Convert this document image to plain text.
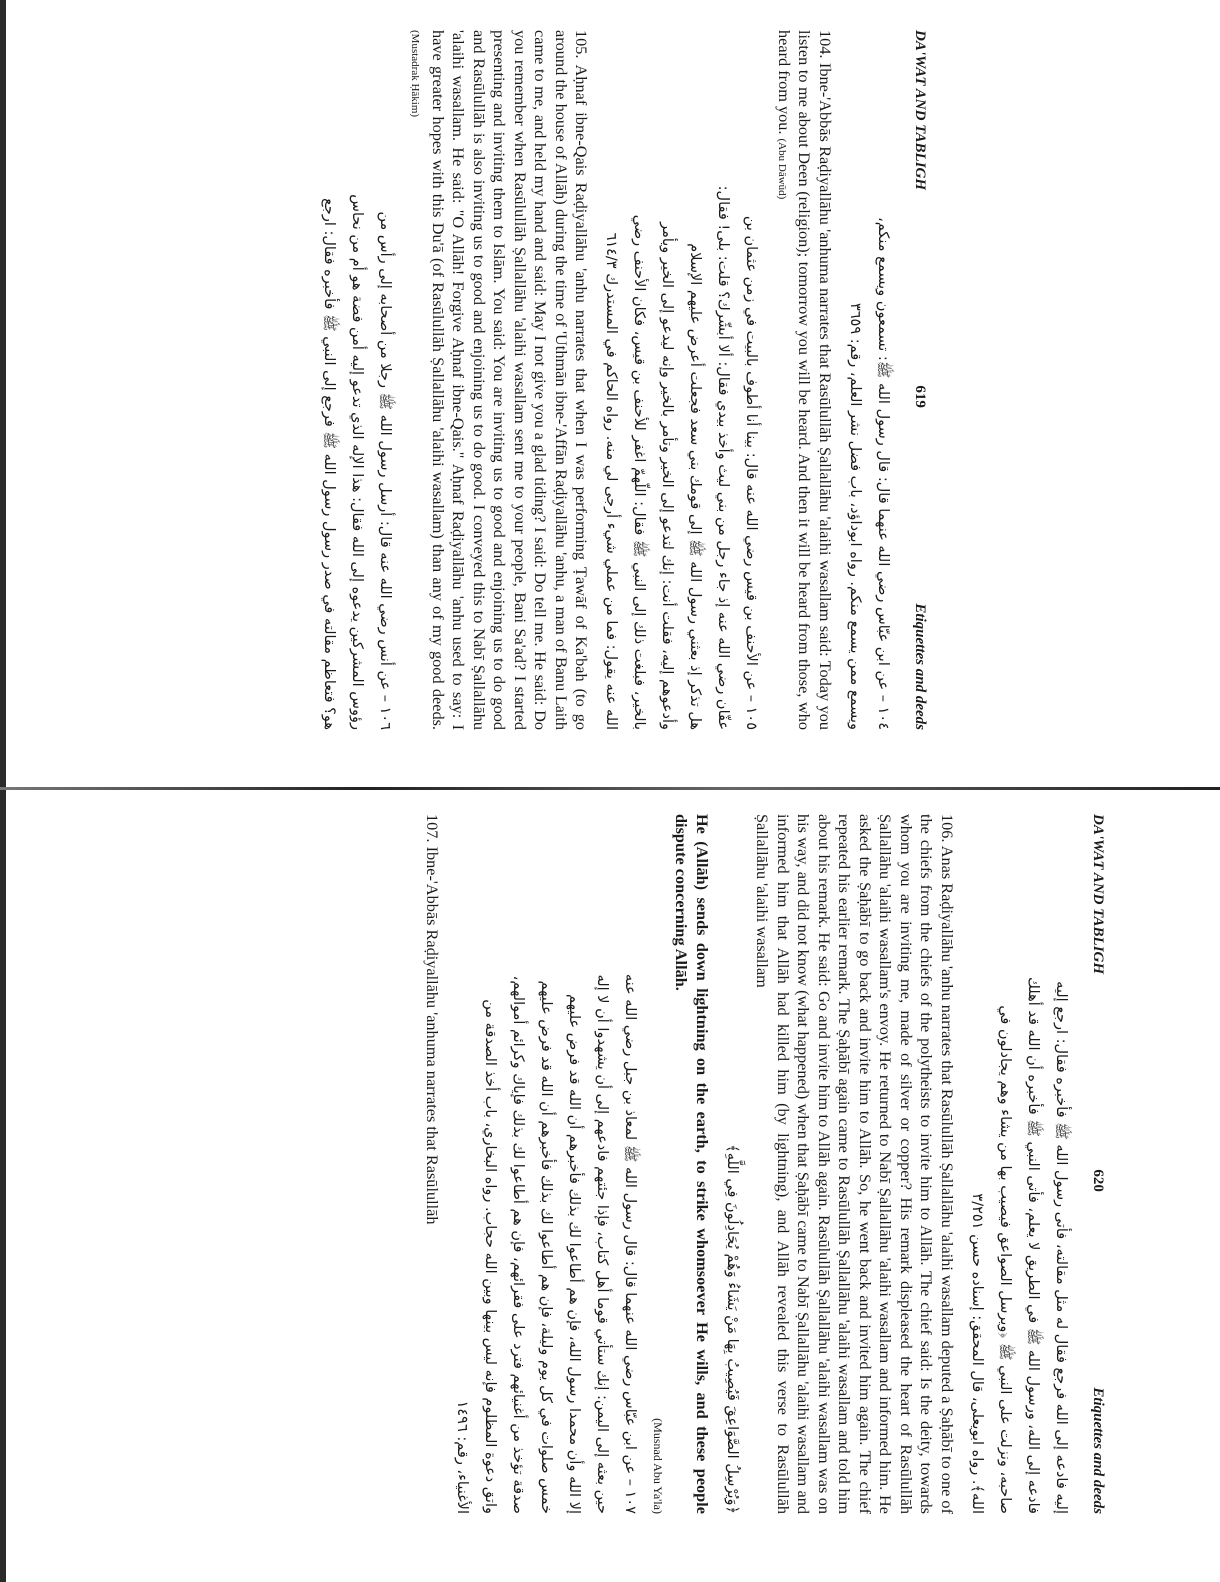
DA'WAT AND TABLIGH
619
Etiquettes and deeds

١٠٤ – عن ابن عبّاس رضي الله عنهما قال: قال رسول الله ﷺ: تسمعون ويسمع منكم،
ويسمع ممن يسمع منكم. رواه ابوداؤد، باب فضل نشر العلم، رقم: ٣٦٥٩

104. Ibne-'Abbās Raḍiyallāhu 'anhuma narrates that Rasūlullāh Ṣallallāhu 'alaihi wasallam said: Today you listen to me about Deen (religion); tomorrow you will be heard. And then it will be heard from those, who heard from you. (Abu Dāwūd)

١٠٥ – عن الأحنف بن قيس رضي الله عنه قال: بينا أنا أطوف بالبيت في زمن عثمان بن
عفّان رضي الله عنه إذ جاء رجل من بني ليث وأخذ بيدي فقال: ألا أبشّرك؟ قلت: بلى! فقال:
هل تذكر إذ بعثني رسول الله ﷺ إلى قومك بني سعد فجعلت أعرض عليهم الإسلام
وأدعوهم إليه، فقلت أنت: إنك لتدعو إلى الخير وتأمر بالخير وإنه ليدعو إلى الخير ويأمر
بالخير، فبلغت ذلك إلى النبي ﷺ فقال: اللّهمّ اغفر للأحنف بن قيس، فكان الأحنف رضي
الله عنه يقول: فما من عملي شيء أرجى لي منه. رواه الحاكم في المستدرك ٦١٤/٣

105. Aḥnaf ibne-Qais Raḍiyallāhu 'anhu narrates that when I was performing Ṭawāf of Ka'bah (to go around the house of Allāh) during the time of 'Uthmān ibne-'Affān Raḍiyallāhu 'anhu, a man of Banu Laith came to me, and held my hand and said: May I not give you a glad tiding? I said: Do tell me. He said: Do you remember when Rasūlullāh Ṣallallāhu 'alaihi wasallam sent me to your people, Bani Sa'ad? I started presenting and inviting them to Islām. You said: You are inviting us to good and enjoining us to do good and Rasūlullāh is also inviting us to good and enjoining us to do good. I conveyed this to Nabī Ṣallallāhu 'alaihi wasallam. He said: "O Allāh! Forgive Aḥnaf ibne-Qais." Aḥnaf Raḍiyallāhu 'anhu used to say: I have greater hopes with this Du'ā (of Rasūlullāh Ṣallallāhu 'alaihi wasallam) than any of my good deeds. (Mustadrak Ḥākim)

١٠٦ – عن أنس رضي الله عنه قال: أرسل رسول الله ﷺ رجلا من أصحابه إلى رأس من
رؤوس المشركين يدعوه إلى الله فقال: هذا الإله الذي تدعو إليه أمن فضة هو أم من نحاس
هو؟ فتعاظم مقالته في صدر رسول رسول الله ﷺ فرجع إلى النبي ﷺ فأخبره فقال: ارجع

DA'WAT AND TABLIGH
620
Etiquettes and deeds

إليه فادعه إلى الله فرجع فقال له مثل مقالته، فأتى رسول الله ﷺ فأخبره فقال: ارجع إليه
فادعه إلى الله، ورسول الله ﷺ في الطريق لا يعلم، فأتى النبي ﷺ فأخبره أن الله قد أهلك
صاحبه، ونزلت على النبي ﷺ ﴿ويرسل الصواعق فيصيب بها من يشاء وهم يجادلون في
الله﴾. رواه ابويعلى، قال المحقق: إسناده حسن ٣/٢٥١

106. Anas Raḍiyallāhu 'anhu narrates that Rasūlullāh Ṣallallāhu 'alaihi wasallam deputed a Ṣaḥābī to one of the chiefs from the chiefs of the polytheists to invite him to Allāh. The chief said: Is the deity, towards whom you are inviting me, made of silver or copper? His remark displeased the heart of Rasūlullāh Ṣallallāhu 'alaihi wasallam's envoy. He returned to Nabī Ṣallallāhu 'alaihi wasallam and informed him. He asked the Ṣaḥābī to go back and invite him to Allāh. So, he went back and invited him again. The chief repeated his earlier remark. The Ṣaḥābī again came to Rasūlullāh Ṣallallāhu 'alaihi wasallam and told him about his remark. He said: Go and invite him to Allāh again. Rasūlullāh Ṣallallāhu 'alaihi wasallam was on his way, and did not know (what happened) when that Ṣaḥābī came to Nabī Ṣallallāhu 'alaihi wasallam and informed him that Allāh had killed him (by lightning), and Allāh revealed this verse to Rasūlullāh Ṣallallāhu 'alaihi wasallam

﴿وَيُرْسِلُ الصَّوَاعِقَ فَيُصِيبُ بِهَا مَنْ يَشَاءُ وَهُمْ يُجَادِلُونَ فِي اللَّهِ﴾

He (Allāh) sends down lightning on the earth, to strike whomsoever He wills, and these people dispute concerning Allāh.

(Musnad Abu Ya'la)

١٠٧ – عن ابن عبّاس رضي الله عنهما قال: قال رسول الله ﷺ لمعاذ بن جبل رضي الله عنه
حين بعثه إلى اليمن: إنك ستأتي قوما أهل كتاب، فإذا جئتهم فادعهم إلى أن يشهدوا أن لا إله
إلا الله وأن محمدا رسول الله، فإن هم أطاعوا لك بذلك فأخبرهم أن الله قد فرض عليهم
خمس صلوات في كل يوم وليلة، فإن هم أطاعوا لك بذلك فأخبرهم أن الله قد فرض عليهم
صدقة تؤخذ من أغنيائهم فترد على فقرائهم، فإن هم أطاعوا لك بذلك فإياك وكرائم أموالهم،
واتق دعوة المظلوم فإنه ليس بينها وبين الله حجاب. رواه البخاري، باب أخذ الصدقة من
الأغنياء، رقم: ١٤٩٦

107. Ibne-'Abbās Raḍiyallāhu 'anhuma narrates that Rasūlullāh
